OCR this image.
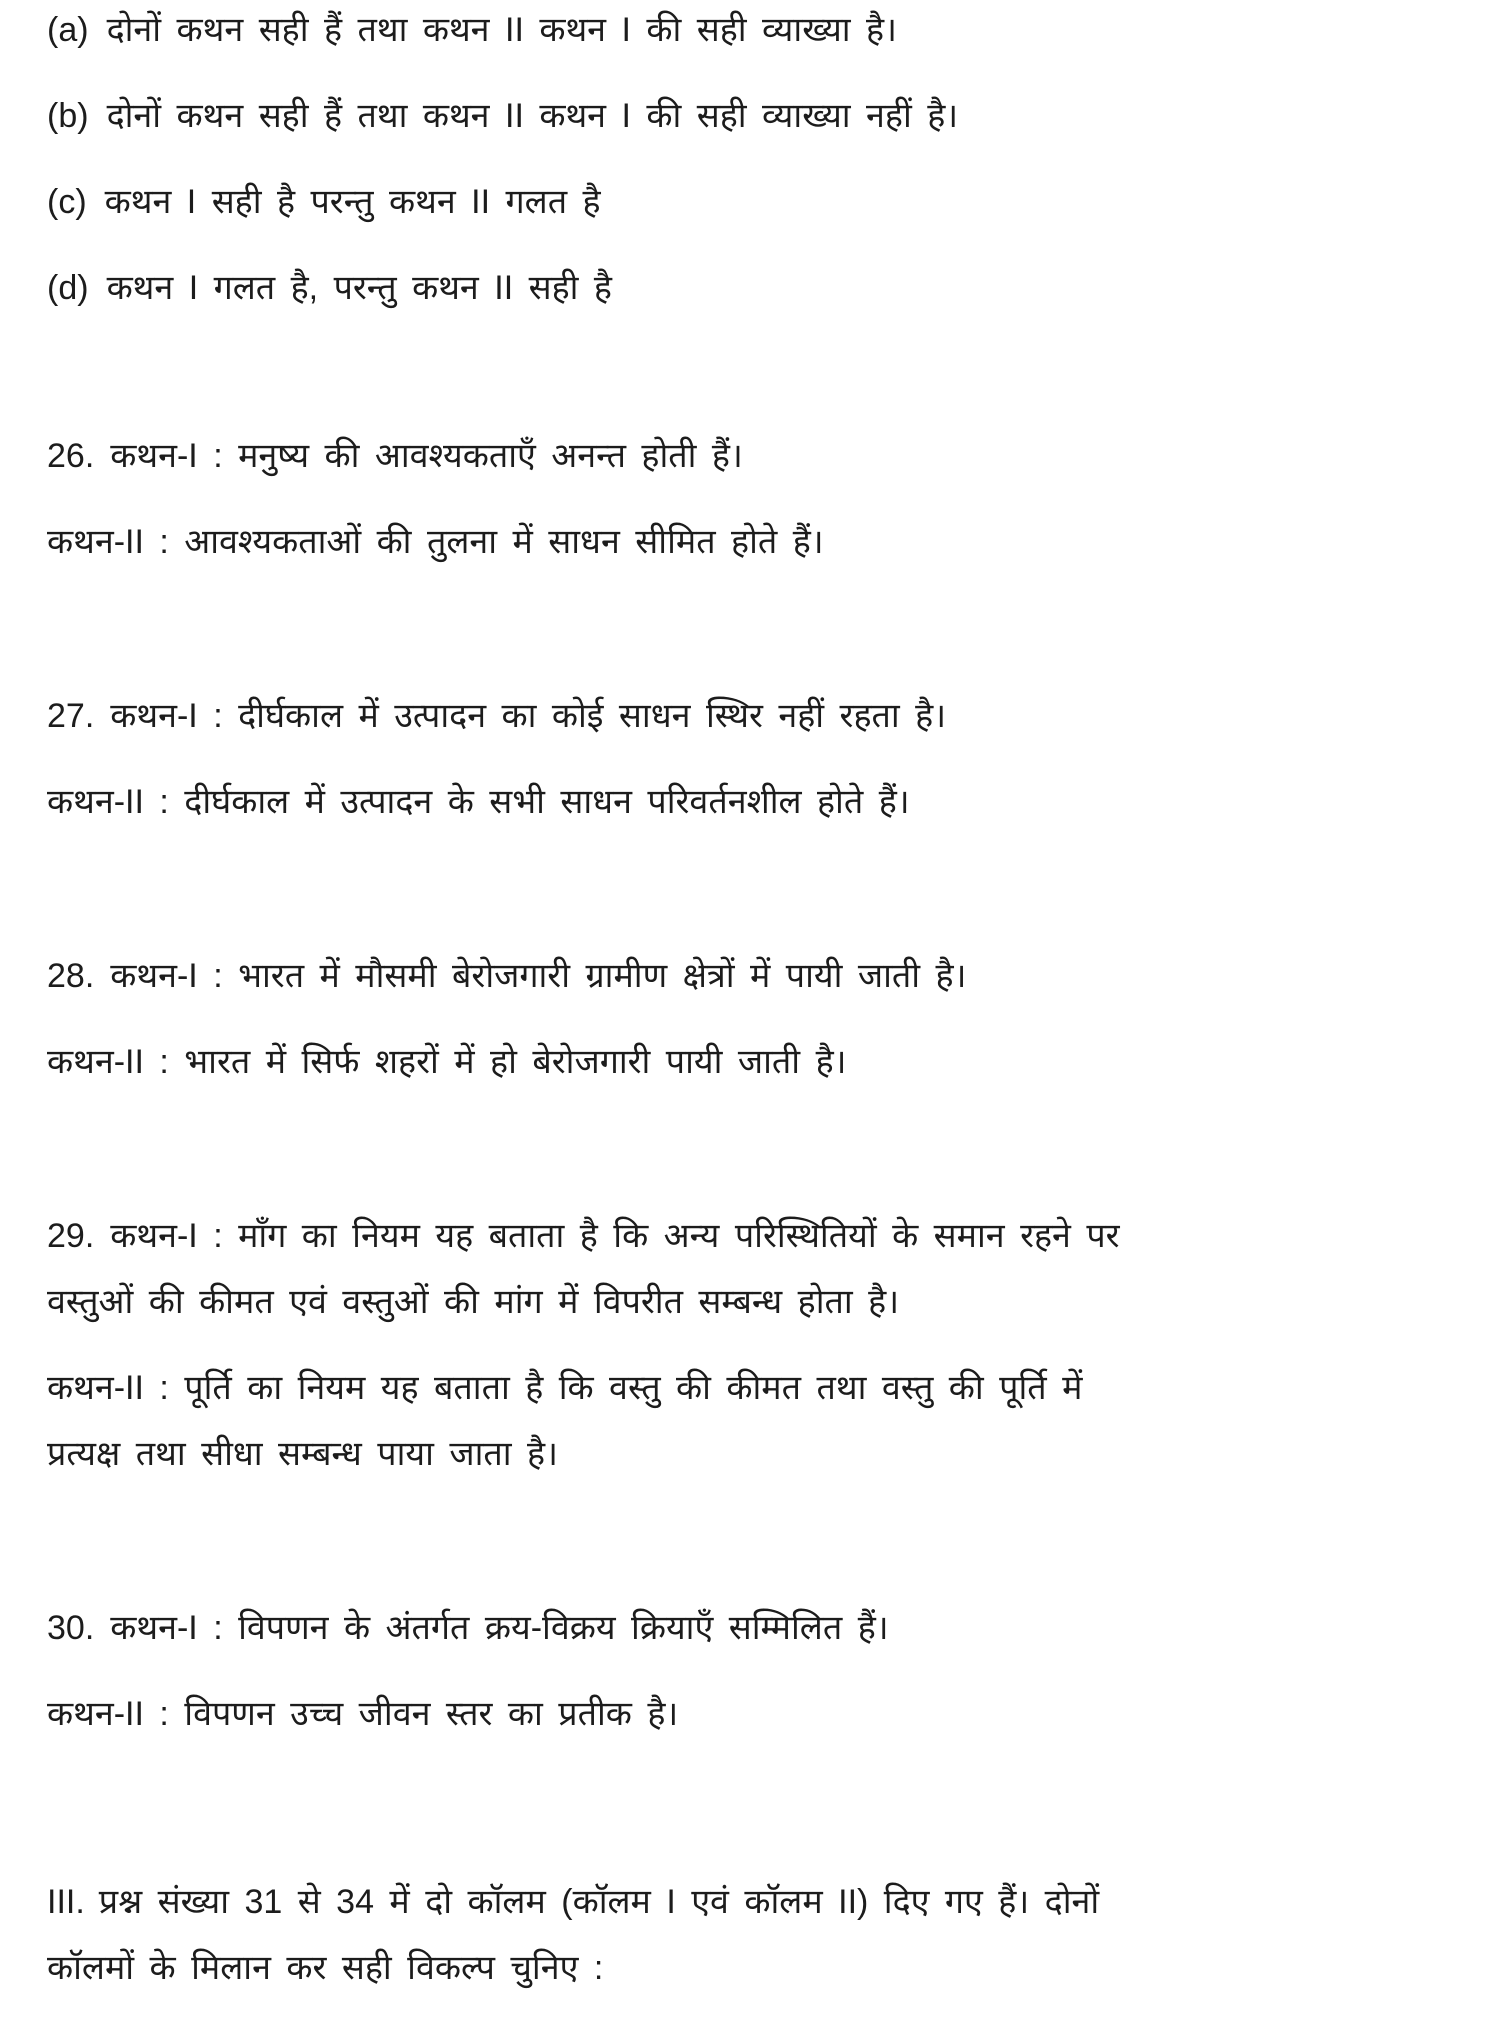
(a) दोनों कथन सही हैं तथा कथन II कथन I की सही व्याख्या है।
(b) दोनों कथन सही हैं तथा कथन II कथन I की सही व्याख्या नहीं है।
(c) कथन I सही है परन्तु कथन II गलत है
(d) कथन I गलत है, परन्तु कथन II सही है
26. कथन-I : मनुष्य की आवश्यकताएँ अनन्त होती हैं।
कथन-II : आवश्यकताओं की तुलना में साधन सीमित होते हैं।
27. कथन-I : दीर्घकाल में उत्पादन का कोई साधन स्थिर नहीं रहता है।
कथन-II : दीर्घकाल में उत्पादन के सभी साधन परिवर्तनशील होते हैं।
28. कथन-I : भारत में मौसमी बेरोजगारी ग्रामीण क्षेत्रों में पायी जाती है।
कथन-II : भारत में सिर्फ शहरों में हो बेरोजगारी पायी जाती है।
29. कथन-I : माँग का नियम यह बताता है कि अन्य परिस्थितियों के समान रहने पर
वस्तुओं की कीमत एवं वस्तुओं की मांग में विपरीत सम्बन्ध होता है।
कथन-II : पूर्ति का नियम यह बताता है कि वस्तु की कीमत तथा वस्तु की पूर्ति में
प्रत्यक्ष तथा सीधा सम्बन्ध पाया जाता है।
30. कथन-I : विपणन के अंतर्गत क्रय-विक्रय क्रियाएँ सम्मिलित हैं।
कथन-II : विपणन उच्च जीवन स्तर का प्रतीक है।
III. प्रश्न संख्या 31 से 34 में दो कॉलम (कॉलम I एवं कॉलम II) दिए गए हैं। दोनों
कॉलमों के मिलान कर सही विकल्प चुनिए :
